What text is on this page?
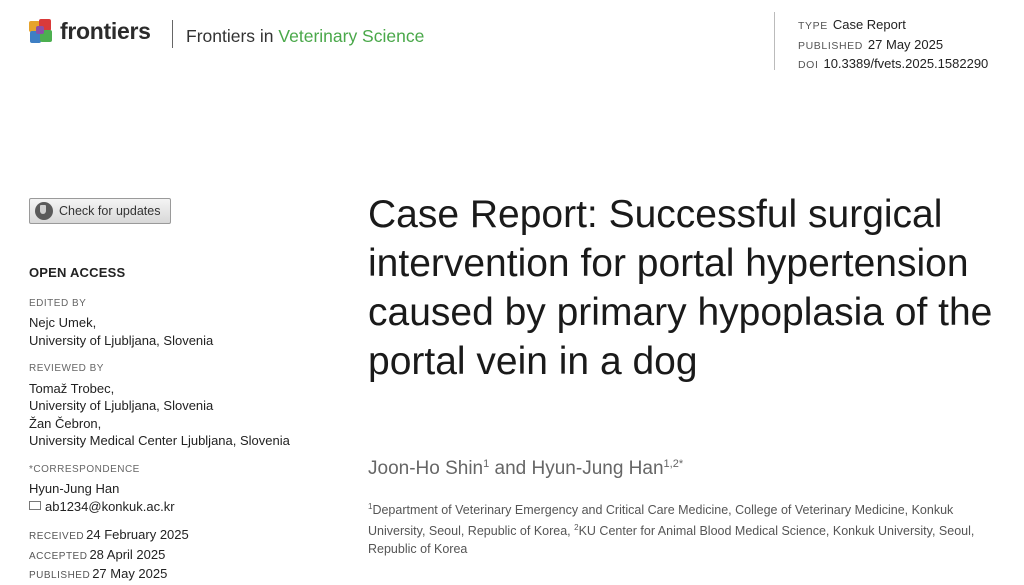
frontiers Frontiers in Veterinary Science	TYPE Case Report
PUBLISHED 27 May 2025
DOI 10.3389/fvets.2025.1582290
Check for updates
OPEN ACCESS
EDITED BY
Nejc Umek,
University of Ljubljana, Slovenia
REVIEWED BY
Tomaž Trobec,
University of Ljubljana, Slovenia
Žan Čebron,
University Medical Center Ljubljana, Slovenia
*CORRESPONDENCE
Hyun-Jung Han
ab1234@konkuk.ac.kr
RECEIVED 24 February 2025
ACCEPTED 28 April 2025
PUBLISHED 27 May 2025
Case Report: Successful surgical intervention for portal hypertension caused by primary hypoplasia of the portal vein in a dog
Joon-Ho Shin$^1$ and Hyun-Jung Han$^{1,2*}$
$^1$Department of Veterinary Emergency and Critical Care Medicine, College of Veterinary Medicine, Konkuk University, Seoul, Republic of Korea, $^2$KU Center for Animal Blood Medical Science, Konkuk University, Seoul, Republic of Korea
